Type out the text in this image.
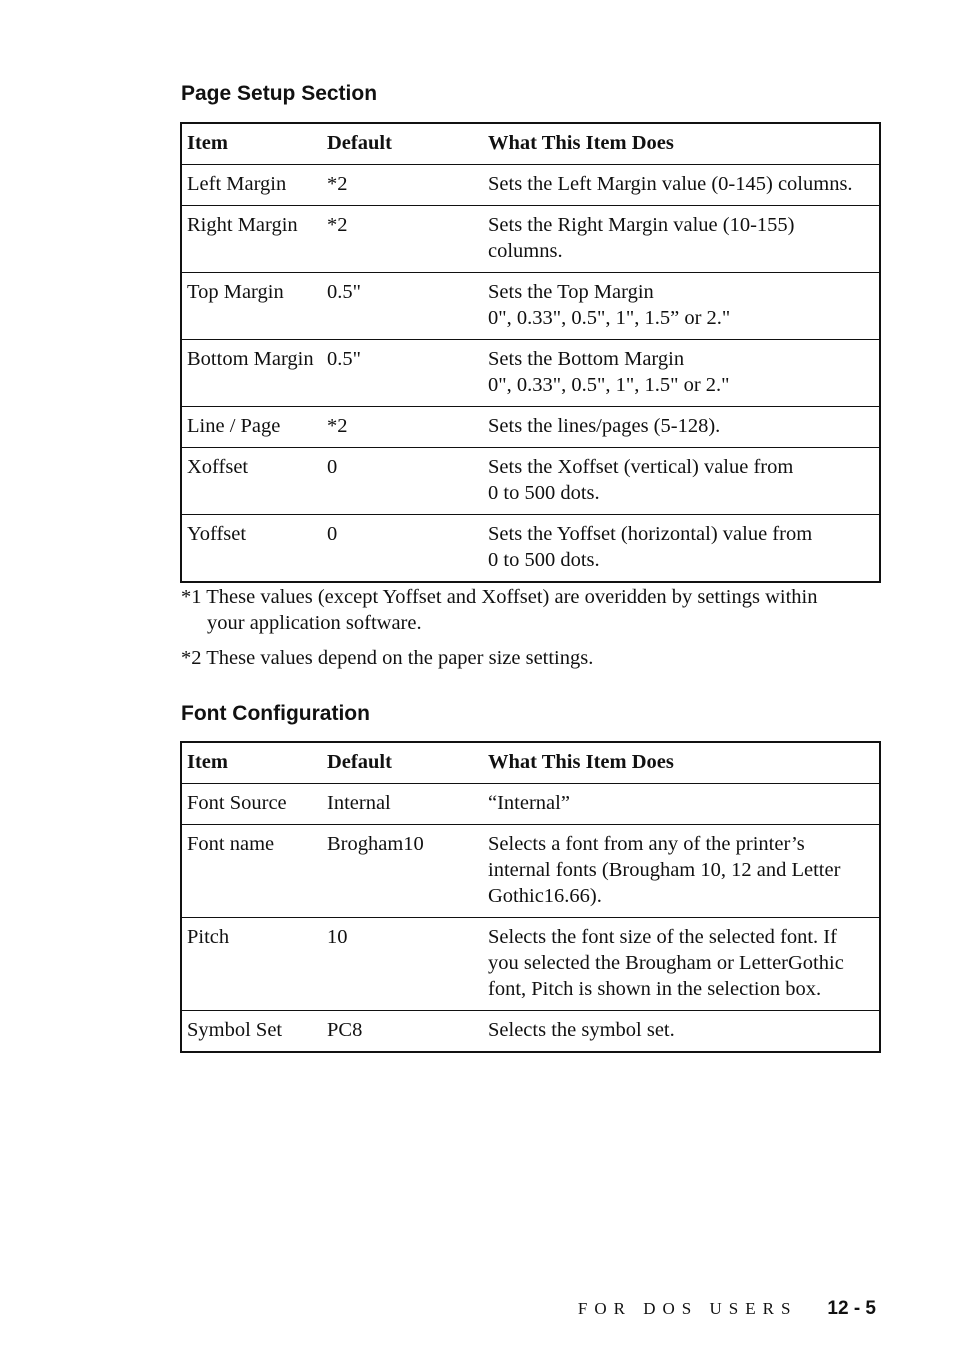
Page Setup Section
Item	Default	What This Item Does
Left Margin	*2	Sets the Left Margin value (0-145) columns.

Right Margin	*2	Sets the Right Margin value (10-155)
columns.

Top Margin	0.5"	Sets the Top Margin
0", 0.33", 0.5", 1", 1.5” or 2."

Bottom Margin	0.5"	Sets the Bottom Margin
0", 0.33", 0.5", 1", 1.5" or 2."

Line / Page	*2	Sets the lines/pages (5-128).

Xoffset	0	Sets the Xoffset (vertical) value from
0 to 500 dots.

Yoffset	0	Sets the Yoffset (horizontal) value from
0 to 500 dots.

*1 These values (except Yoffset and Xoffset) are overidden by settings within
your application software.

*2 These values depend on the paper size settings.

Font Configuration
Item	Default	What This Item Does
Font Source	Internal	“Internal”

Font name	Brogham10	Selects a font from any of the printer’s
internal fonts (Brougham 10, 12 and Letter
Gothic16.66).

Pitch	10	Selects the font size of the selected font. If
you selected the Brougham or LetterGothic
font, Pitch is shown in the selection box.

Symbol Set	PC8	Selects the symbol set.
FOR DOS USERS 12 - 5
